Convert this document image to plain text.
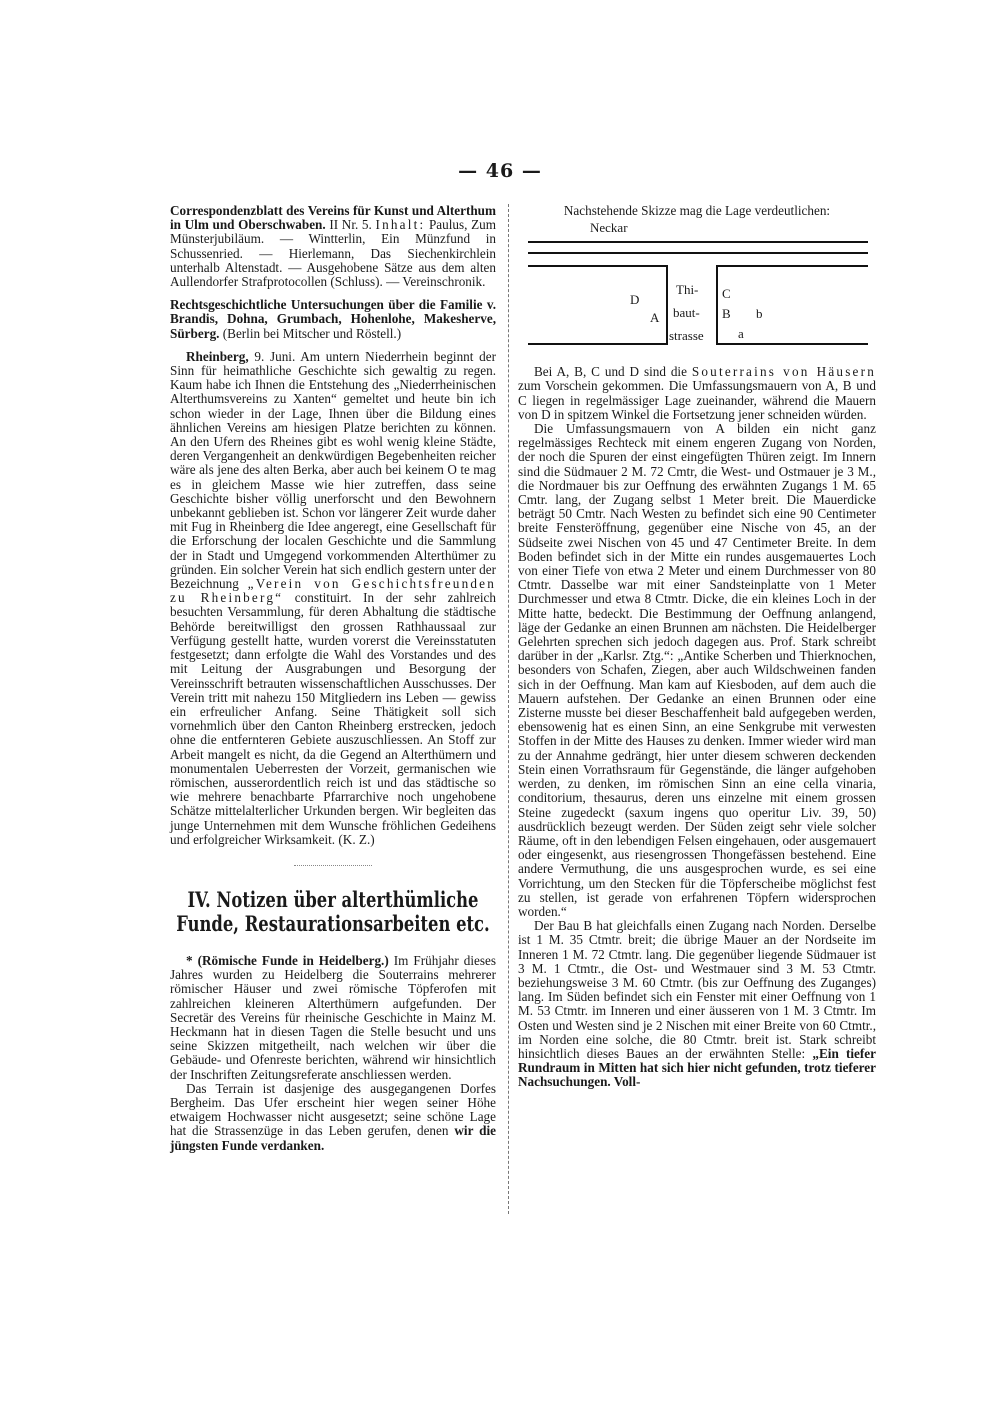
— 46 —

Correspondenzblatt des Vereins für Kunst und Alterthum in Ulm und Oberschwaben. II Nr. 5. Inhalt: Paulus, Zum Münsterjubiläum. — Wintterlin, Ein Münzfund in Schussenried. — Hierlemann, Das Siechenkirchlein unterhalb Altenstadt. — Ausgehobene Sätze aus dem alten Aullendorfer Strafprotocollen (Schluss). — Vereinschronik.

Rechtsgeschichtliche Untersuchungen über die Familie v. Brandis, Dohna, Grumbach, Hohenlohe, Makesherve, Sürberg. (Berlin bei Mitscher und Röstell.)

Rheinberg, 9. Juni. Am untern Niederrhein beginnt der Sinn für heimathliche Geschichte sich gewaltig zu regen. Kaum habe ich Ihnen die Entstehung des „Niederrheinischen Alterthumsvereins zu Xanten“ gemeltet und heute bin ich schon wieder in der Lage, Ihnen über die Bildung eines ähnlichen Vereins am hiesigen Platze berichten zu können. An den Ufern des Rheines gibt es wohl wenig kleine Städte, deren Vergangenheit an denkwürdigen Begebenheiten reicher wäre als jene des alten Berka, aber auch bei keinem O te mag es in gleichem Masse wie hier zutreffen, dass seine Geschichte bisher völlig unerforscht und den Bewohnern unbekannt geblieben ist. Schon vor längerer Zeit wurde daher mit Fug in Rheinberg die Idee angeregt, eine Gesellschaft für die Erforschung der localen Geschichte und die Sammlung der in Stadt und Umgegend vorkommenden Alterthümer zu gründen. Ein solcher Verein hat sich endlich gestern unter der Bezeichnung „Verein von Geschichtsfreunden zu Rheinberg“ constituirt. In der sehr zahlreich besuchten Versammlung, für deren Abhaltung die städtische Behörde bereitwilligst den grossen Rathhaussaal zur Verfügung gestellt hatte, wurden vorerst die Vereinsstatuten festgesetzt; dann erfolgte die Wahl des Vorstandes und des mit Leitung der Ausgrabungen und Besorgung der Vereinsschrift betrauten wissenschaftlichen Ausschusses. Der Verein tritt mit nahezu 150 Mitgliedern ins Leben — gewiss ein erfreulicher Anfang. Seine Thätigkeit soll sich vornehmlich über den Canton Rheinberg erstrecken, jedoch ohne die entfernteren Gebiete auszuschliessen. An Stoff zur Arbeit mangelt es nicht, da die Gegend an Alterthümern und monumentalen Ueberresten der Vorzeit, germanischen wie römischen, ausserordentlich reich ist und das städtische so wie mehrere benachbarte Pfarrarchive noch ungehobene Schätze mittelalterlicher Urkunden bergen. Wir begleiten das junge Unternehmen mit dem Wunsche fröhlichen Gedeihens und erfolgreicher Wirksamkeit. (K. Z.)

IV. Notizen über alterthümliche Funde, Restaurationsarbeiten etc.

* (Römische Funde in Heidelberg.) Im Frühjahr dieses Jahres wurden zu Heidelberg die Souterrains mehrerer römischer Häuser und zwei römische Töpferofen mit zahlreichen kleineren Alterthümern aufgefunden. Der Secretär des Vereins für rheinische Geschichte in Mainz M. Heckmann hat in diesen Tagen die Stelle besucht und uns seine Skizzen mitgetheilt, nach welchen wir über die Gebäude- und Ofenreste berichten, während wir hinsichtlich der Inschriften Zeitungsreferate anschliessen werden.

Das Terrain ist dasjenige des ausgegangenen Dorfes Bergheim. Das Ufer erscheint hier wegen seiner Höhe etwaigem Hochwasser nicht ausgesetzt; seine schöne Lage hat die Strassenzüge in das Leben gerufen, denen wir die jüngsten Funde verdanken.

Nachstehende Skizze mag die Lage verdeutlichen:

Neckar
D
A
Thi-
baut-
strasse
C
B b
a

Bei A, B, C und D sind die Souterrains von Häusern zum Vorschein gekommen. Die Umfassungsmauern von A, B und C liegen in regelmässiger Lage zueinander, während die Mauern von D in spitzem Winkel die Fortsetzung jener schneiden würden.

Die Umfassungsmauern von A bilden ein nicht ganz regelmässiges Rechteck mit einem engeren Zugang von Norden, der noch die Spuren der einst eingefügten Thüren zeigt. Im Innern sind die Südmauer 2 M. 72 Cmtr, die West- und Ostmauer je 3 M., die Nordmauer bis zur Oeffnung des erwähnten Zugangs 1 M. 65 Cmtr. lang, der Zugang selbst 1 Meter breit. Die Mauerdicke beträgt 50 Cmtr. Nach Westen zu befindet sich eine 90 Centimeter breite Fensteröffnung, gegenüber eine Nische von 45, an der Südseite zwei Nischen von 45 und 47 Centimeter Breite. In dem Boden befindet sich in der Mitte ein rundes ausgemauertes Loch von einer Tiefe von etwa 2 Meter und einem Durchmesser von 80 Ctmtr. Dasselbe war mit einer Sandsteinplatte von 1 Meter Durchmesser und etwa 8 Ctmtr. Dicke, die ein kleines Loch in der Mitte hatte, bedeckt. Die Bestimmung der Oeffnung anlangend, läge der Gedanke an einen Brunnen am nächsten. Die Heidelberger Gelehrten sprechen sich jedoch dagegen aus. Prof. Stark schreibt darüber in der „Karlsr. Ztg.“: „Antike Scherben und Thierknochen, besonders von Schafen, Ziegen, aber auch Wildschweinen fanden sich in der Oeffnung. Man kam auf Kiesboden, auf dem auch die Mauern aufstehen. Der Gedanke an einen Brunnen oder eine Zisterne musste bei dieser Beschaffenheit bald aufgegeben werden, ebensowenig hat es einen Sinn, an eine Senkgrube mit verwesten Stoffen in der Mitte des Hauses zu denken. Immer wieder wird man zu der Annahme gedrängt, hier unter diesem schweren deckenden Stein einen Vorrathsraum für Gegenstände, die länger aufgehoben werden, zu denken, im römischen Sinn an eine cella vinaria, conditorium, thesaurus, deren uns einzelne mit einem grossen Steine zugedeckt (saxum ingens quo operitur Liv. 39, 50) ausdrücklich bezeugt werden. Der Süden zeigt sehr viele solcher Räume, oft in den lebendigen Felsen eingehauen, oder ausgemauert oder eingesenkt, aus riesengrossen Thongefässen bestehend. Eine andere Vermuthung, die uns ausgesprochen wurde, es sei eine Vorrichtung, um den Stecken für die Töpferscheibe möglichst fest zu stellen, ist gerade von erfahrenen Töpfern widersprochen worden.“

Der Bau B hat gleichfalls einen Zugang nach Norden. Derselbe ist 1 M. 35 Ctmtr. breit; die übrige Mauer an der Nordseite im Inneren 1 M. 72 Ctmtr. lang. Die gegenüber liegende Südmauer ist 3 M. 1 Ctmtr., die Ost- und Westmauer sind 3 M. 53 Ctmtr. beziehungsweise 3 M. 60 Ctmtr. (bis zur Oeffnung des Zuganges) lang. Im Süden befindet sich ein Fenster mit einer Oeffnung von 1 M. 53 Ctmtr. im Inneren und einer äusseren von 1 M. 3 Ctmtr. Im Osten und Westen sind je 2 Nischen mit einer Breite von 60 Ctmtr., im Norden eine solche, die 80 Ctmtr. breit ist. Stark schreibt hinsichtlich dieses Baues an der erwähnten Stelle: „Ein tiefer Rundraum in Mitten hat sich hier nicht gefunden, trotz tieferer Nachsuchungen. Voll-
